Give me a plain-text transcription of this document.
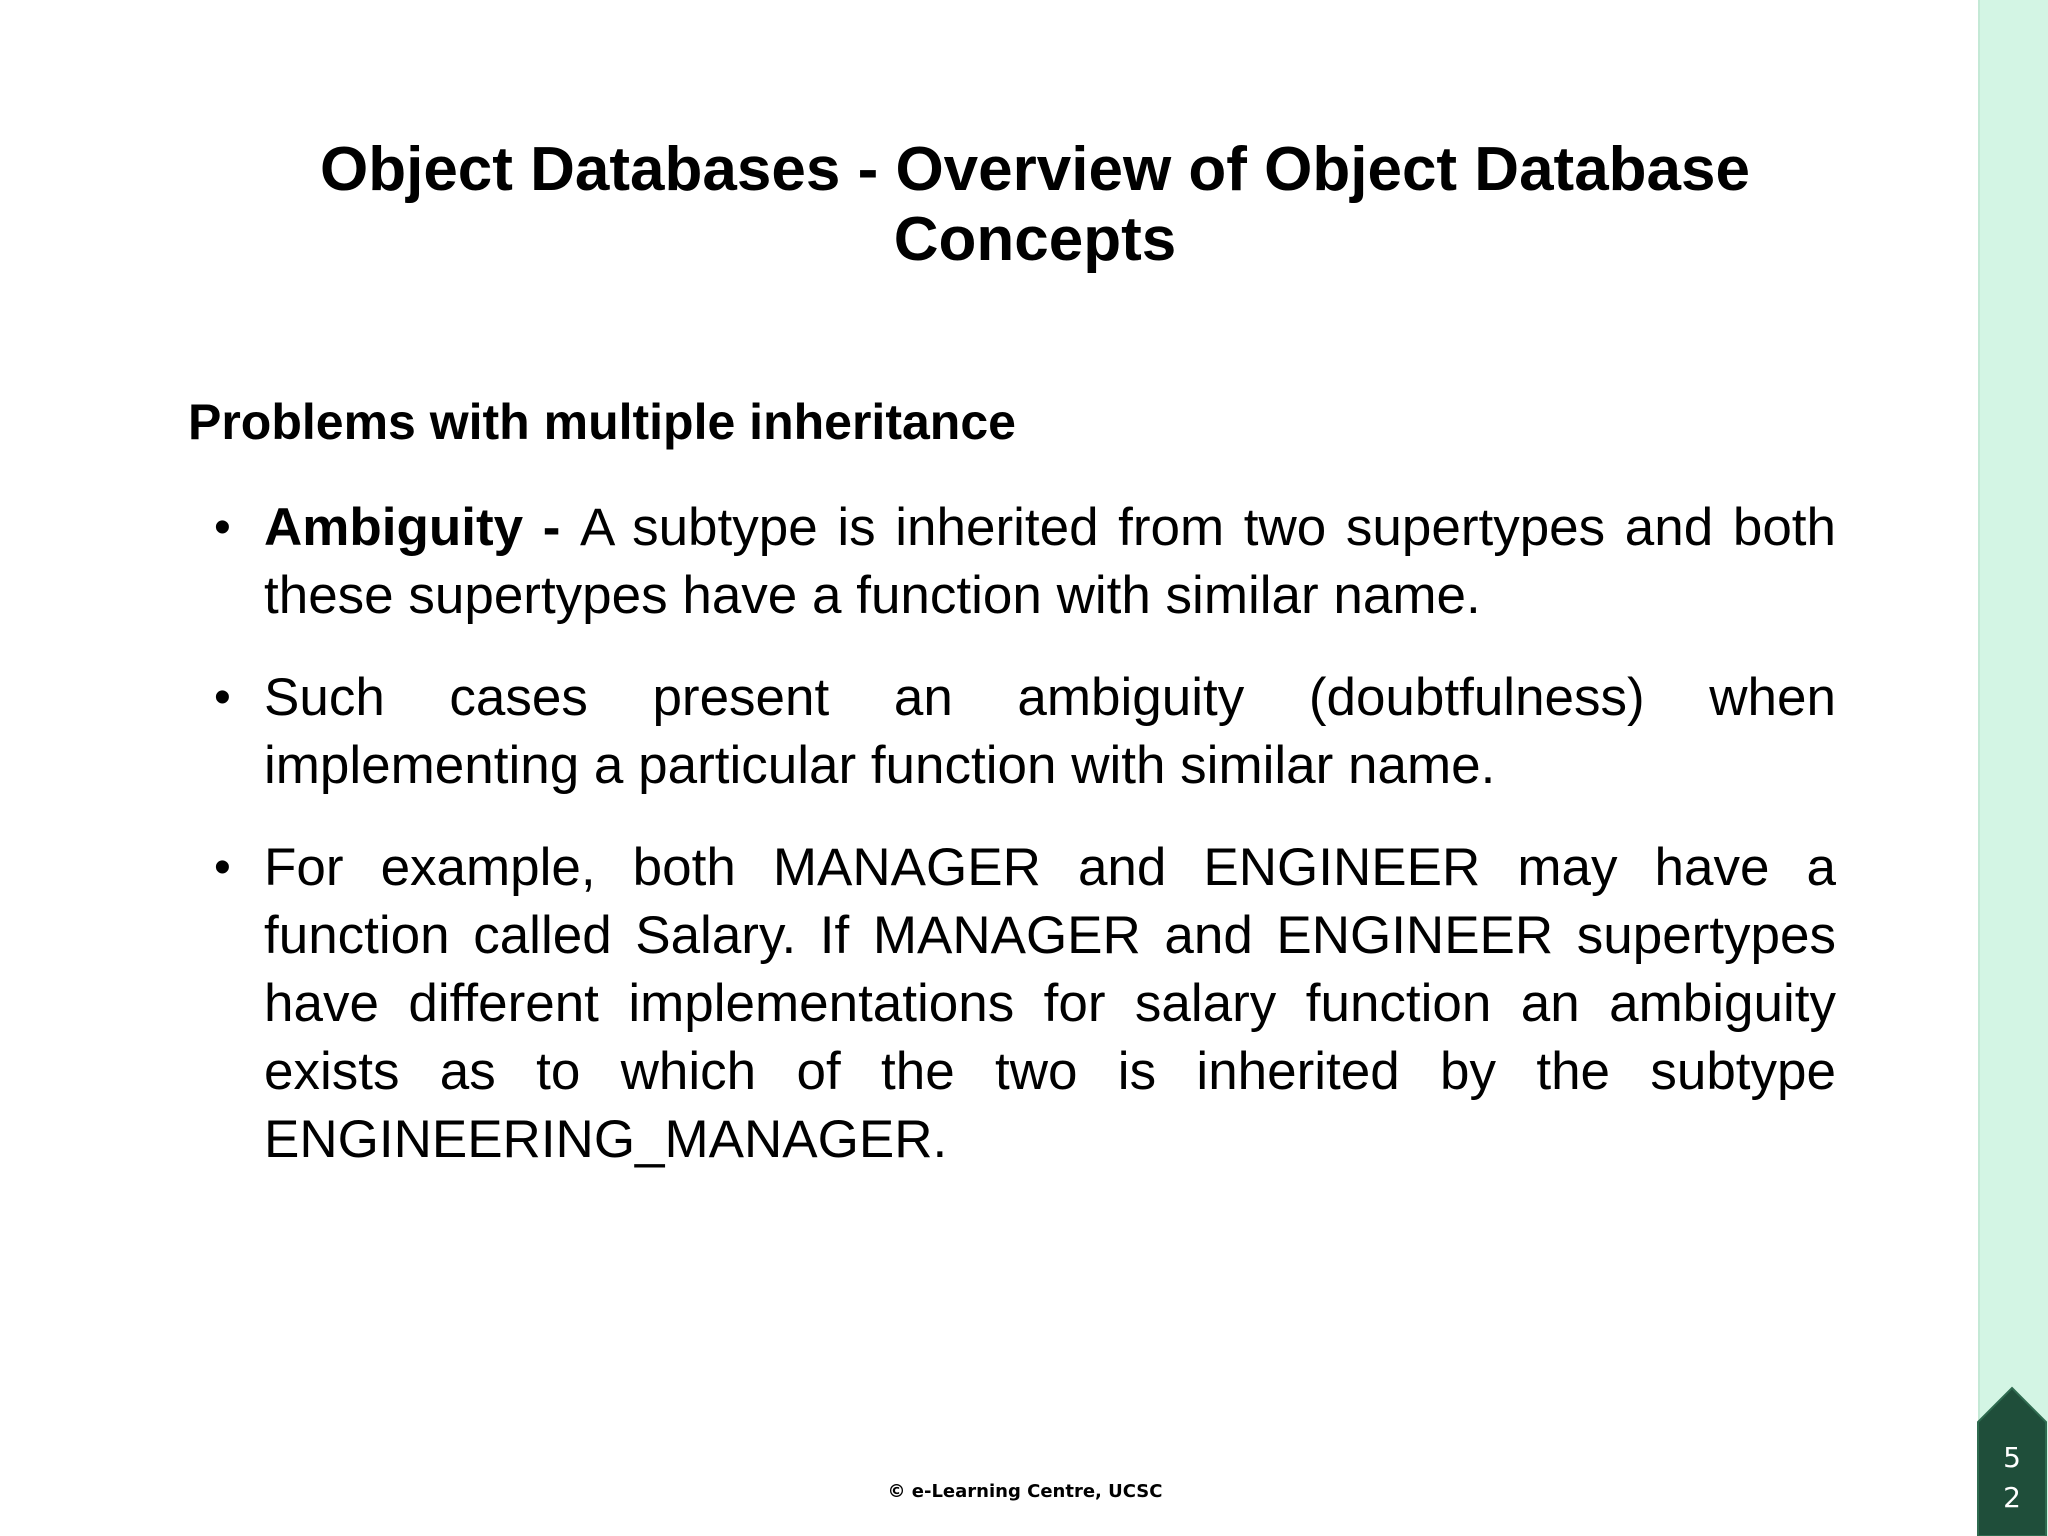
Object Databases - Overview of Object Database Concepts
Problems with multiple inheritance
• Ambiguity - A subtype is inherited from two supertypes and both these supertypes have a function with similar name.
• Such cases present an ambiguity (doubtfulness) when implementing a particular function with similar name.
• For example, both MANAGER and ENGINEER may have a function called Salary. If MANAGER and ENGINEER supertypes have different implementations for salary function an ambiguity exists as to which of the two is inherited by the subtype ENGINEERING_MANAGER.
© e-Learning Centre, UCSC
5
2
